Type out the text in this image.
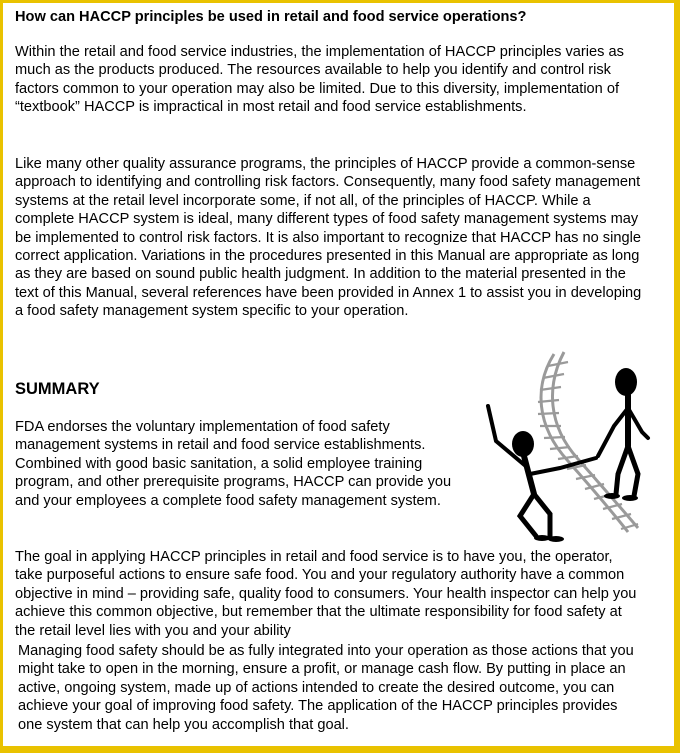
How can HACCP principles be used in retail and food service operations?

Within the retail and food service industries, the implementation of HACCP principles varies as much as the products produced. The resources available to help you identify and control risk factors common to your operation may also be limited. Due to this diversity, implementation of “textbook” HACCP is impractical in most retail and food service establishments.

Like many other quality assurance programs, the principles of HACCP provide a common-sense approach to identifying and controlling risk factors. Consequently, many food safety management systems at the retail level incorporate some, if not all, of the principles of HACCP. While a complete HACCP system is ideal, many different types of food safety management systems may be implemented to control risk factors. It is also important to recognize that HACCP has no single correct application. Variations in the procedures presented in this Manual are appropriate as long as they are based on sound public health judgment. In addition to the material presented in the text of this Manual, several references have been provided in Annex 1 to assist you in developing a food safety management system specific to your operation.

SUMMARY

FDA endorses the voluntary implementation of food safety management systems in retail and food service establishments. Combined with good basic sanitation, a solid employee training program, and other prerequisite programs, HACCP can provide you and your employees a complete food safety management system.

The goal in applying HACCP principles in retail and food service is to have you, the operator, take purposeful actions to ensure safe food. You and your regulatory authority have a common objective in mind – providing safe, quality food to consumers. Your health inspector can help you achieve this common objective, but remember that the ultimate responsibility for food safety at the retail level lies with you and your ability

Managing food safety should be as fully integrated into your operation as those actions that you might take to open in the morning, ensure a profit, or manage cash flow. By putting in place an active, ongoing system, made up of actions intended to create the desired outcome, you can achieve your goal of improving food safety. The application of the HACCP principles provides one system that can help you accomplish that goal.
